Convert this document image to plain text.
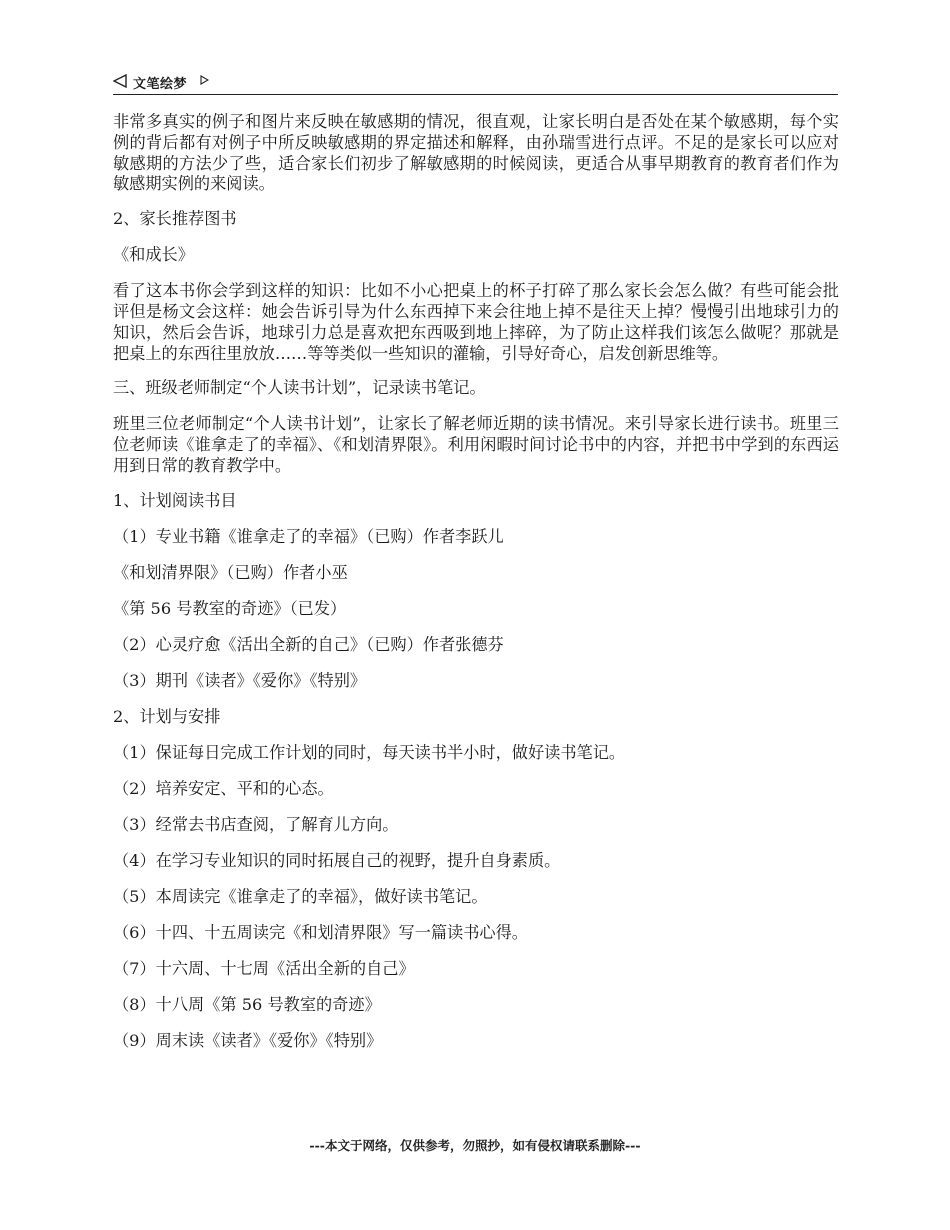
文笔绘梦

非常多真实的例子和图片来反映在敏感期的情况，很直观，让家长明白是否处在某个敏感期，每个实例的背后都有对例子中所反映敏感期的界定描述和解释，由孙瑞雪进行点评。不足的是家长可以应对敏感期的方法少了些，适合家长们初步了解敏感期的时候阅读，更适合从事早期教育的教育者们作为敏感期实例的来阅读。

2、家长推荐图书
《和成长》

看了这本书你会学到这样的知识：比如不小心把桌上的杯子打碎了那么家长会怎么做？有些可能会批评但是杨文会这样：她会告诉引导为什么东西掉下来会往地上掉不是往天上掉？慢慢引出地球引力的知识，然后会告诉，地球引力总是喜欢把东西吸到地上摔碎，为了防止这样我们该怎么做呢？那就是把桌上的东西往里放放……等等类似一些知识的灌输，引导好奇心，启发创新思维等。

三、班级老师制定“个人读书计划”，记录读书笔记。

班里三位老师制定“个人读书计划”，让家长了解老师近期的读书情况。来引导家长进行读书。班里三位老师读《谁拿走了的幸福》、《和划清界限》。利用闲暇时间讨论书中的内容，并把书中学到的东西运用到日常的教育教学中。

1、计划阅读书目
（1）专业书籍《谁拿走了的幸福》（已购）作者李跃儿
《和划清界限》（已购）作者小巫
《第 56 号教室的奇迹》（已发）
（2）心灵疗愈《活出全新的自己》（已购）作者张德芬
（3）期刊《读者》《爱你》《特别》
2、计划与安排
（1）保证每日完成工作计划的同时，每天读书半小时，做好读书笔记。
（2）培养安定、平和的心态。
（3）经常去书店查阅，了解育儿方向。
（4）在学习专业知识的同时拓展自己的视野，提升自身素质。
（5）本周读完《谁拿走了的幸福》，做好读书笔记。
（6）十四、十五周读完《和划清界限》写一篇读书心得。
（7）十六周、十七周《活出全新的自己》
（8）十八周《第 56 号教室的奇迹》
（9）周末读《读者》《爱你》《特别》
---本文于网络，仅供参考，勿照抄，如有侵权请联系删除---
